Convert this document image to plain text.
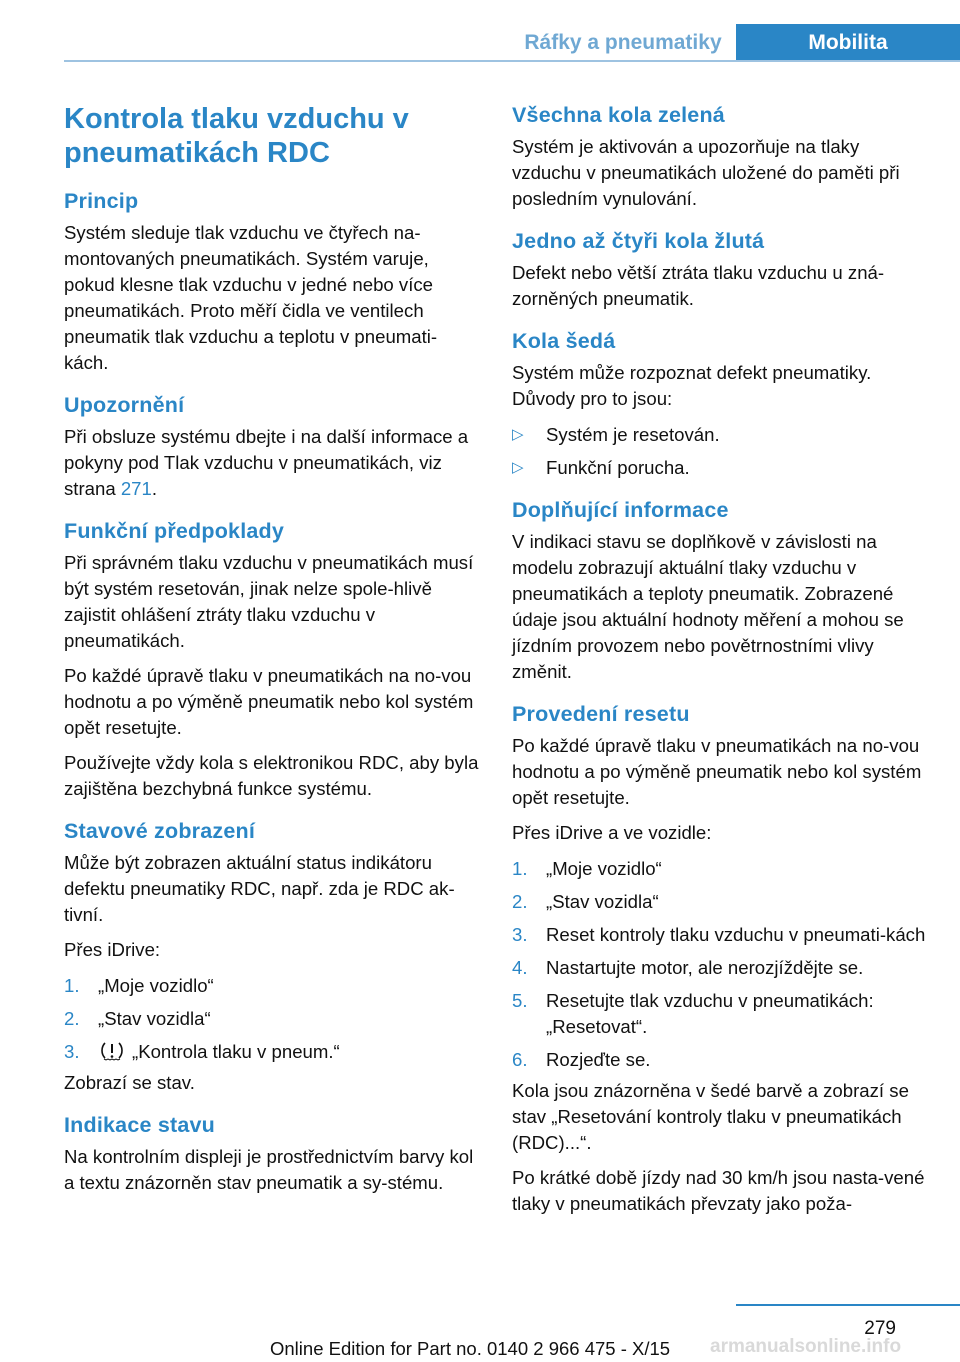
Ráfky a pneumatiky	Mobilita
Kontrola tlaku vzduchu v pneumatikách RDC
Princip

Systém sleduje tlak vzduchu ve čtyřech na-montovaných pneumatikách. Systém varuje, pokud klesne tlak vzduchu v jedné nebo více pneumatikách. Proto měří čidla ve ventilech pneumatik tlak vzduchu a teplotu v pneumati-kách.

Upozornění

Při obsluze systému dbejte i na další informace a pokyny pod Tlak vzduchu v pneumatikách, viz strana 271.

Funkční předpoklady

Při správném tlaku vzduchu v pneumatikách musí být systém resetován, jinak nelze spole-hlivě zajistit ohlášení ztráty tlaku vzduchu v pneumatikách.

Po každé úpravě tlaku v pneumatikách na no-vou hodnotu a po výměně pneumatik nebo kol systém opět resetujte.

Používejte vždy kola s elektronikou RDC, aby byla zajištěna bezchybná funkce systému.

Stavové zobrazení

Může být zobrazen aktuální status indikátoru defektu pneumatiky RDC, např. zda je RDC ak-tivní.

Přes iDrive:

1. „Moje vozidlo“
2. „Stav vozidla“
3.	„Kontrola tlaku v pneum.“

Zobrazí se stav.

Indikace stavu

Na kontrolním displeji je prostřednictvím barvy kol a textu znázorněn stav pneumatik a sy-stému.

Všechna kola zelená

Systém je aktivován a upozorňuje na tlaky vzduchu v pneumatikách uložené do paměti při posledním vynulování.

Jedno až čtyři kola žlutá

Defekt nebo větší ztráta tlaku vzduchu u zná-zorněných pneumatik.

Kola šedá

Systém může rozpoznat defekt pneumatiky. Důvody pro to jsou:

▷ Systém je resetován.
▷ Funkční porucha.
Doplňující informace

V indikaci stavu se doplňkově v závislosti na modelu zobrazují aktuální tlaky vzduchu v pneumatikách a teploty pneumatik. Zobrazené údaje jsou aktuální hodnoty měření a mohou se jízdním provozem nebo povětrnostními vlivy změnit.

Provedení resetu

Po každé úpravě tlaku v pneumatikách na no-vou hodnotu a po výměně pneumatik nebo kol systém opět resetujte.

Přes iDrive a ve vozidle:

1. „Moje vozidlo“
2. „Stav vozidla“
3. Reset kontroly tlaku vzduchu v pneumati-kách
4. Nastartujte motor, ale nerozjíždějte se.
5. Resetujte tlak vzduchu v pneumatikách: „Resetovat“.
6. Rozjeďte se.

Kola jsou znázorněna v šedé barvě a zobrazí se stav „Resetování kontroly tlaku v pneumatikách (RDC)...“.

Po krátké době jízdy nad 30 km/h jsou nasta-vené tlaky v pneumatikách převzaty jako poža-

279
Online Edition for Part no. 0140 2 966 475 - X/15 armanualsonline.info
